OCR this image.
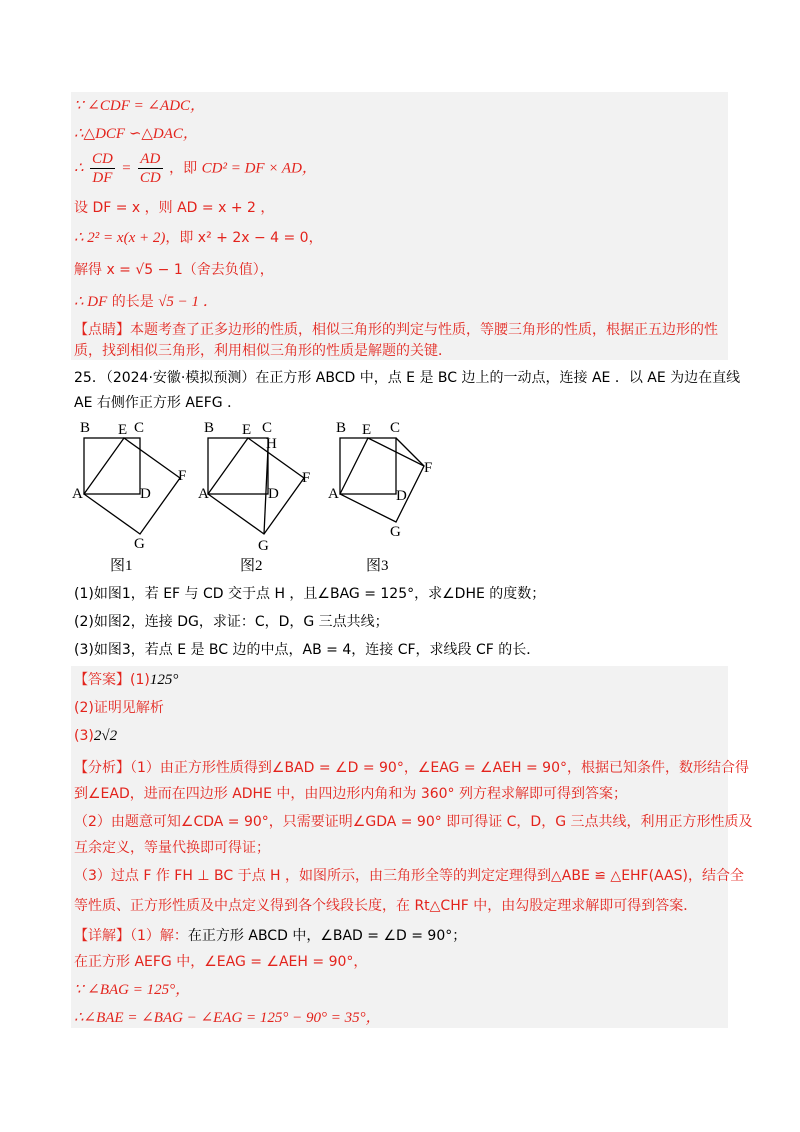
∵ ∠CDF = ∠ADC，
∴△DCF ∽△DAC，
∴ $\frac{CD}{DF} = \frac{AD}{CD}$ ，即 CD² = DF × AD，
设 DF = x ，则 AD = x + 2 ，
∴ 2² = x(x + 2)，即 x² + 2x − 4 = 0，
解得 x = √5 − 1（舍去负值），
∴ DF 的长是 √5 − 1 ．
【点睛】本题考查了正多边形的性质，相似三角形的判定与性质，等腰三角形的性质，根据正五边形的性
质，找到相似三角形，利用相似三角形的性质是解题的关键．
25．（2024·安徽·模拟预测）在正方形 ABCD 中，点 E 是 BC 边上的一动点，连接 AE ．以 AE 为边在直线
AE 右侧作正方形 AEFG ．
B E C
A	D
F
G
图1
B E C
H
A	D
F
G
图2
B E C
A	D
F
G
图3
(1)如图1，若 EF 与 CD 交于点 H ，且∠BAG = 125°，求∠DHE 的度数；
(2)如图2，连接 DG，求证：C，D，G 三点共线；
(3)如图3，若点 E 是 BC 边的中点，AB = 4，连接 CF，求线段 CF 的长．
【答案】(1)125°
(2)证明见解析
(3)2√2
【分析】（1）由正方形性质得到∠BAD = ∠D = 90°，∠EAG = ∠AEH = 90°，根据已知条件，数形结合得
到∠EAD，进而在四边形 ADHE 中，由四边形内角和为 360° 列方程求解即可得到答案；
（2）由题意可知∠CDA = 90°，只需要证明∠GDA = 90° 即可得证 C，D，G 三点共线，利用正方形性质及
互余定义，等量代换即可得证；
（3）过点 F 作 FH ⊥ BC 于点 H ，如图所示，由三角形全等的判定定理得到△ABE ≌ △EHF(AAS)，结合全
等性质、正方形性质及中点定义得到各个线段长度，在 Rt△CHF 中，由勾股定理求解即可得到答案．
【详解】（1）解：在正方形 ABCD 中，∠BAD = ∠D = 90°；
在正方形 AEFG 中，∠EAG = ∠AEH = 90°，
∵ ∠BAG = 125°，
∴∠BAE = ∠BAG − ∠EAG = 125° − 90° = 35°，
